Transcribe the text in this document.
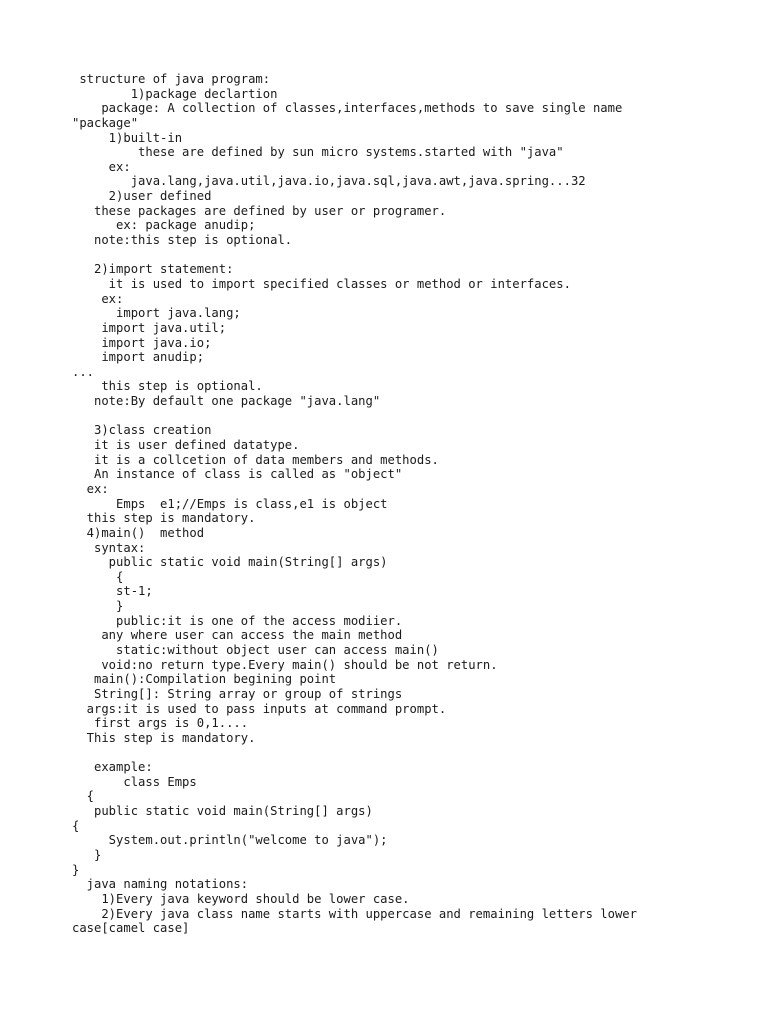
structure of java program:
1)package declartion
package: A collection of classes,interfaces,methods to save single name
"package"
1)built-in
these are defined by sun micro systems.started with "java"
ex:
java.lang,java.util,java.io,java.sql,java.awt,java.spring...32
2)user defined
these packages are defined by user or programer.
ex: package anudip;
note:this step is optional.
2)import statement:
it is used to import specified classes or method or interfaces.
ex:
import java.lang;
import java.util;
import java.io;
import anudip;
...
this step is optional.
note:By default one package "java.lang"
3)class creation
it is user defined datatype.
it is a collcetion of data members and methods.
An instance of class is called as "object"
ex:
Emps  e1;//Emps is class,e1 is object
this step is mandatory.
4)main()  method
syntax:
public static void main(String[] args)
{
st-1;
}
public:it is one of the access modiier.
any where user can access the main method
static:without object user can access main()
void:no return type.Every main() should be not return.
main():Compilation begining point
String[]: String array or group of strings
args:it is used to pass inputs at command prompt.
first args is 0,1....
This step is mandatory.
example:
class Emps
{
public static void main(String[] args)
{
System.out.println("welcome to java");
}
}
java naming notations:
1)Every java keyword should be lower case.
2)Every java class name starts with uppercase and remaining letters lower
case[camel case]
